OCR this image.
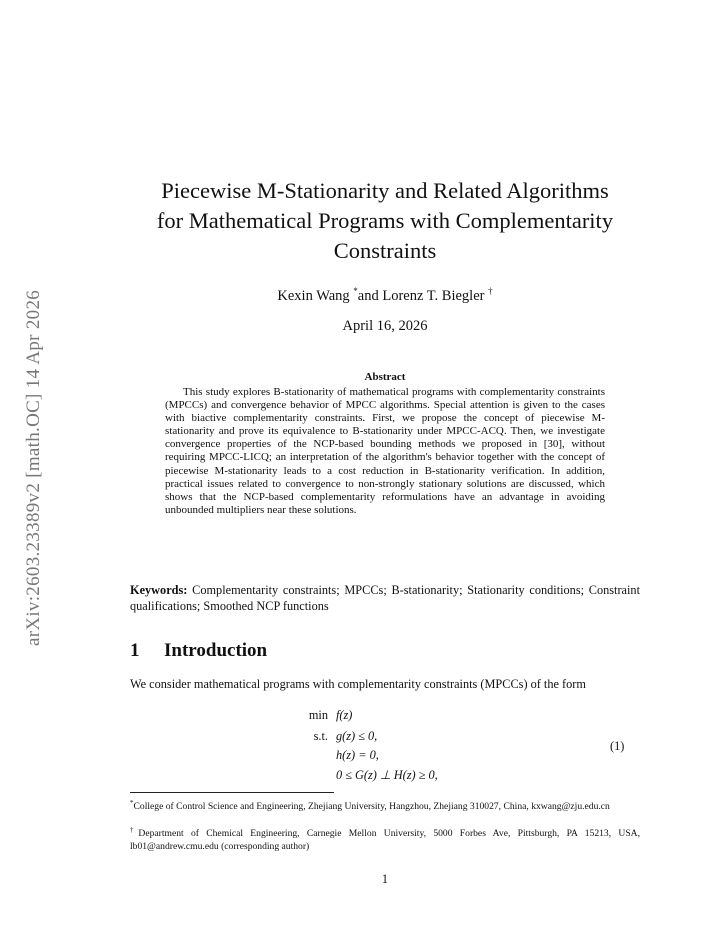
arXiv:2603.23389v2 [math.OC] 14 Apr 2026
Piecewise M-Stationarity and Related Algorithms
for Mathematical Programs with Complementarity
Constraints
Kexin Wang *and Lorenz T. Biegler †
April 16, 2026
Abstract
This study explores B-stationarity of mathematical programs with complementarity constraints (MPCCs) and convergence behavior of MPCC algorithms. Special attention is given to the cases with biactive complementarity constraints. First, we propose the concept of piecewise M-stationarity and prove its equivalence to B-stationarity under MPCC-ACQ. Then, we investigate convergence properties of the NCP-based bounding methods we proposed in [30], without requiring MPCC-LICQ; an interpretation of the algorithm's behavior together with the concept of piecewise M-stationarity leads to a cost reduction in B-stationarity verification. In addition, practical issues related to convergence to non-strongly stationary solutions are discussed, which shows that the NCP-based complementarity reformulations have an advantage in avoiding unbounded multipliers near these solutions.
Keywords: Complementarity constraints; MPCCs; B-stationarity; Stationarity conditions; Constraint qualifications; Smoothed NCP functions
1 Introduction
We consider mathematical programs with complementarity constraints (MPCCs) of the form
min f(z)
s.t. g(z) ≤ 0,
h(z) = 0,
0 ≤ G(z) ⊥ H(z) ≥ 0,
(1)
*College of Control Science and Engineering, Zhejiang University, Hangzhou, Zhejiang 310027, China, kxwang@zju.edu.cn
†Department of Chemical Engineering, Carnegie Mellon University, 5000 Forbes Ave, Pittsburgh, PA 15213, USA, lb01@andrew.cmu.edu (corresponding author)
1
